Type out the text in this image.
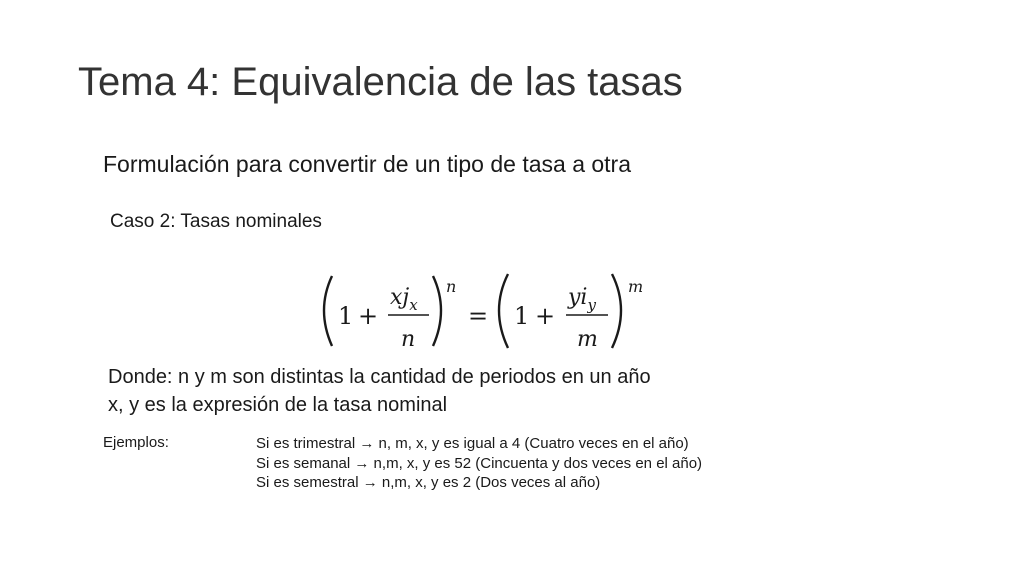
Tema 4: Equivalencia de las tasas
Formulación para convertir de un tipo de tasa a otra
Caso 2: Tasas nominales
1 +
$xj_x$
n
n
= 1 +
$yi_y$
m
m
Donde: n y m son distintas la cantidad de periodos en un año
x, y es la expresión de la tasa nominal
Ejemplos:	Si es trimestral → n, m, x, y es igual a 4 (Cuatro veces en el año)
Si es semanal → n,m, x, y es 52 (Cincuenta y dos veces en el año)
Si es semestral → n,m, x, y es 2 (Dos veces al año)
